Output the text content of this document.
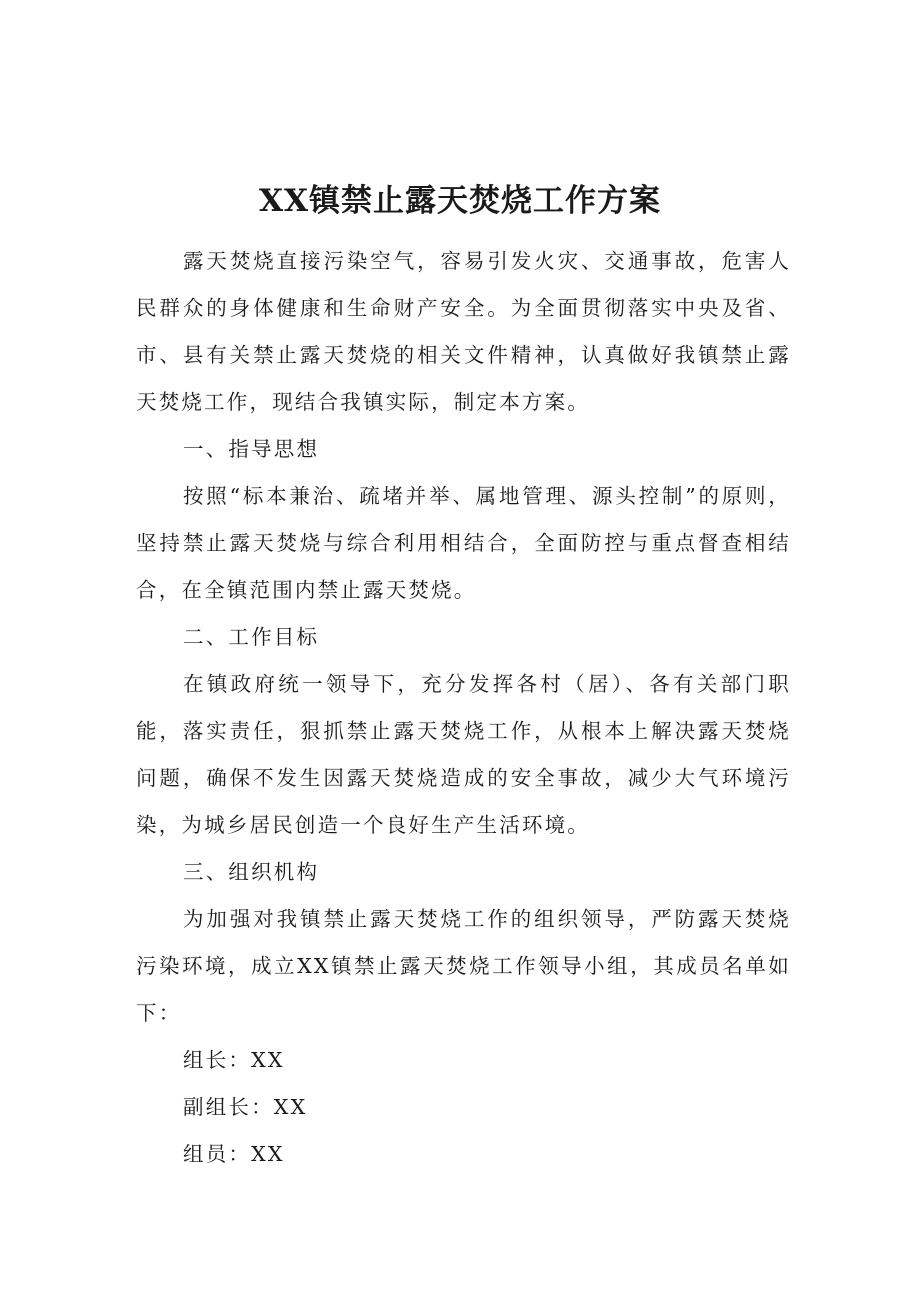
XX镇禁止露天焚烧工作方案

露天焚烧直接污染空气，容易引发火灾、交通事故，危害人民群众的身体健康和生命财产安全。为全面贯彻落实中央及省、市、县有关禁止露天焚烧的相关文件精神，认真做好我镇禁止露天焚烧工作，现结合我镇实际，制定本方案。

一、指导思想

按照“标本兼治、疏堵并举、属地管理、源头控制”的原则，坚持禁止露天焚烧与综合利用相结合，全面防控与重点督查相结合，在全镇范围内禁止露天焚烧。

二、工作目标

在镇政府统一领导下，充分发挥各村（居）、各有关部门职能，落实责任，狠抓禁止露天焚烧工作，从根本上解决露天焚烧问题，确保不发生因露天焚烧造成的安全事故，减少大气环境污染，为城乡居民创造一个良好生产生活环境。

三、组织机构

为加强对我镇禁止露天焚烧工作的组织领导，严防露天焚烧污染环境，成立XX镇禁止露天焚烧工作领导小组，其成员名单如下：

组长：XX

副组长：XX

组员：XX
